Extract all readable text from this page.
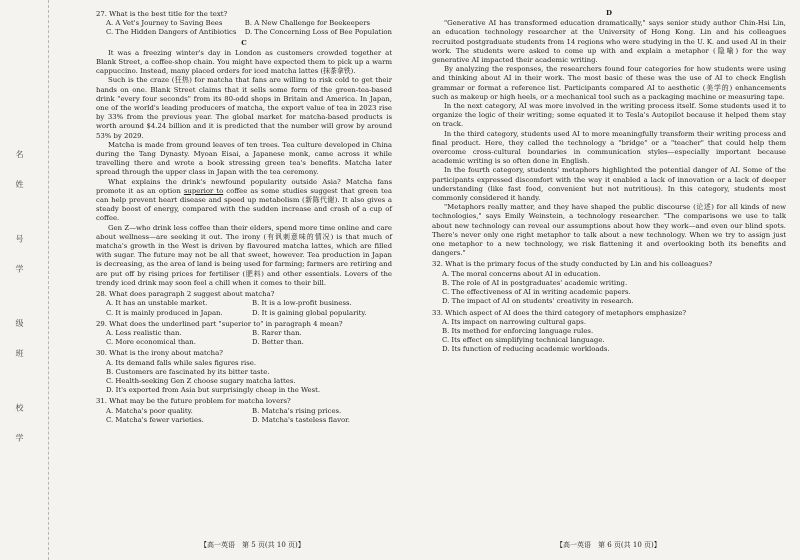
名姓 号学 级班 校学
27. What is the best title for the text?
A. A Vet's Journey to Saving Bees	B. A New Challenge for Beekeepers
C. The Hidden Dangers of Antibiotics	D. The Concerning Loss of Bee Population
C

It was a freezing winter's day in London as customers crowded together at Blank Street, a coffee-shop chain. You might have expected them to pick up a warm cappuccino. Instead, many placed orders for iced matcha lattes (抹茶拿铁).

Such is the craze (狂热) for matcha that fans are willing to risk cold to get their hands on one. Blank Street claims that it sells some form of the green-tea-based drink "every four seconds" from its 80-odd shops in Britain and America. In Japan, one of the world's leading producers of matcha, the export value of tea in 2023 rise by 33% from the previous year. The global market for matcha-based products is worth around $4.24 billion and it is predicted that the number will grow by around 53% by 2029.

Matcha is made from ground leaves of ten trees. Tea culture developed in China during the Tang Dynasty. Myoan Eisai, a Japanese monk, came across it while travelling there and wrote a book stressing green tea's benefits. Matcha later spread through the upper class in Japan with the tea ceremony.

What explains the drink's newfound popularity outside Asia? Matcha fans promote it as an option superior to coffee as some studies suggest that green tea can help prevent heart disease and speed up metabolism (新陈代谢). It also gives a steady boost of energy, compared with the sudden increase and crash of a cup of coffee.

Gen Z—who drink less coffee than their elders, spend more time online and care about wellness—are seeking it out. The irony (有讽刺意味的情况) is that much of matcha's growth in the West is driven by flavoured matcha lattes, which are filled with sugar. The future may not be all that sweet, however. Tea production in Japan is decreasing, as the area of land is being used for farming; farmers are retiring and are put off by rising prices for fertiliser (肥料) and other essentials. Lovers of the trendy iced drink may soon feel a chill when it comes to their bill.

28. What does paragraph 2 suggest about matcha?
A. It has an unstable market.	B. It is a low-profit business.
C. It is mainly produced in Japan.	D. It is gaining global popularity.
29. What does the underlined part "superior to" in paragraph 4 mean?
A. Less realistic than.	B. Rarer than.
C. More economical than.	D. Better than.
30. What is the irony about matcha?
A. Its demand falls while sales figures rise.
B. Customers are fascinated by its bitter taste.
C. Health-seeking Gen Z choose sugary matcha lattes.
D. It's exported from Asia but surprisingly cheap in the West.
31. What may be the future problem for matcha lovers?
A. Matcha's poor quality.	B. Matcha's rising prices.
C. Matcha's fewer varieties.	D. Matcha's tasteless flavor.
D

"Generative AI has transformed education dramatically," says senior study author Chin-Hsi Lin, an education technology researcher at the University of Hong Kong. Lin and his colleagues recruited postgraduate students from 14 regions who were studying in the U. K. and used AI in their work. The students were asked to come up with and explain a metaphor (隐喻) for the way generative AI impacted their academic writing.

By analyzing the responses, the researchers found four categories for how students were using and thinking about AI in their work. The most basic of these was the use of AI to check English grammar or format a reference list. Participants compared AI to aesthetic (美学的) enhancements such as makeup or high heels, or a mechanical tool such as a packaging machine or measuring tape.

In the next category, AI was more involved in the writing process itself. Some students used it to organize the logic of their writing; some equated it to Tesla's Autopilot because it helped them stay on track.

In the third category, students used AI to more meaningfully transform their writing process and final product. Here, they called the technology a "bridge" or a "teacher" that could help them overcome cross-cultural boundaries in communication styles—especially important because academic writing is so often done in English.

In the fourth category, students' metaphors highlighted the potential danger of AI. Some of the participants expressed discomfort with the way it enabled a lack of innovation or a lack of deeper understanding (like fast food, convenient but not nutritious). In this category, students most commonly considered it handy.

"Metaphors really matter, and they have shaped the public discourse (论述) for all kinds of new technologies," says Emily Weinstein, a technology researcher. "The comparisons we use to talk about new technology can reveal our assumptions about how they work—and even our blind spots. There's never only one right metaphor to talk about a new technology. When we try to assign just one metaphor to a new technology, we risk flattening it and overlooking both its benefits and dangers."

32. What is the primary focus of the study conducted by Lin and his colleagues?
A. The moral concerns about AI in education.
B. The role of AI in postgraduates' academic writing.
C. The effectiveness of AI in writing academic papers.
D. The impact of AI on students' creativity in research.
33. Which aspect of AI does the third category of metaphors emphasize?
A. Its impact on narrowing cultural gaps.
B. Its method for enforcing language rules.
C. Its effect on simplifying technical language.
D. Its function of reducing academic workloads.
【高一英语　第 5 页(共 10 页)】	【高一英语　第 6 页(共 10 页)】
